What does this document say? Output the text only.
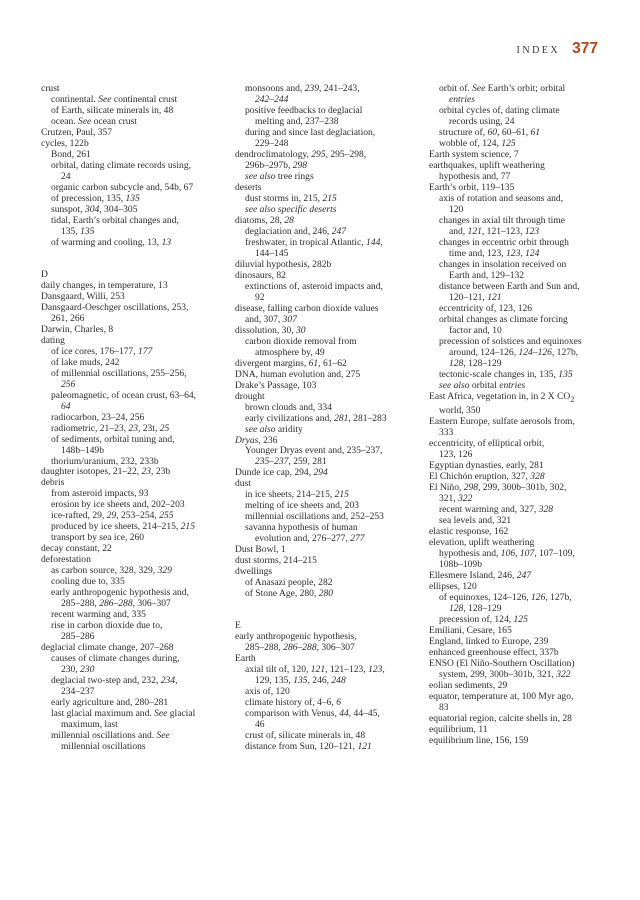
INDEX 377
crust
continental. See continental crust
of Earth, silicate minerals in, 48
ocean. See ocean crust
Crutzen, Paul, 357
cycles, 122b
Bond, 261
orbital, dating climate records using,
24
organic carbon subcycle and, 54b, 67
of precession, 135, 135
sunspot, 304, 304–305
tidal, Earth’s orbital changes and,
135, 135
of warming and cooling, 13, 13
D
daily changes, in temperature, 13
Dansgaard, Willi, 253
Dansgaard-Oeschger oscillations, 253,
261, 266
Darwin, Charles, 8
dating
of ice cores, 176–177, 177
of lake muds, 242
of millennial oscillations, 255–256,
256
paleomagnetic, of ocean crust, 63–64,
64
radiocarbon, 23–24, 256
radiometric, 21–23, 23, 23t, 25
of sediments, orbital tuning and,
148b–149b
thorium/uranium, 232, 233b
daughter isotopes, 21–22, 23, 23b
debris
from asteroid impacts, 93
erosion by ice sheets and, 202–203
ice-rafted, 29, 29, 253–254, 255
produced by ice sheets, 214–215, 215
transport by sea ice, 260
decay constant, 22
deforestation
as carbon source, 328, 329, 329
cooling due to, 335
early anthropogenic hypothesis and,
285–288, 286–288, 306–307
recent warming and, 335
rise in carbon dioxide due to,
285–286
deglacial climate change, 207–268
causes of climate changes during,
230, 230
deglacial two-step and, 232, 234,
234–237
early agriculture and, 280–281
last glacial maximum and. See glacial
maximum, last
millennial oscillations and. See
millennial oscillations
monsoons and, 239, 241–243,
242–244
positive feedbacks to deglacial
melting and, 237–238
during and since last deglaciation,
229–248
dendroclimatology, 295, 295–298,
296b–297b, 298
see also tree rings
deserts
dust storms in, 215, 215
see also specific deserts
diatoms, 28, 28
deglaciation and, 246, 247
freshwater, in tropical Atlantic, 144,
144–145
diluvial hypothesis, 282b
dinosaurs, 82
extinctions of, asteroid impacts and,
92
disease, falling carbon dioxide values
and, 307, 307
dissolution, 30, 30
carbon dioxide removal from
atmosphere by, 49
divergent margins, 61, 61–62
DNA, human evolution and, 275
Drake’s Passage, 103
drought
brown clouds and, 334
early civilizations and, 281, 281–283
see also aridity
Dryas, 236
Younger Dryas event and, 235–237,
235–237, 259, 281
Dunde ice cap, 294, 294
dust
in ice sheets, 214–215, 215
melting of ice sheets and, 203
millennial oscillations and, 252–253
savanna hypothesis of human
evolution and, 276–277, 277
Dust Bowl, 1
dust storms, 214–215
dwellings
of Anasazi people, 282
of Stone Age, 280, 280
E
early anthropogenic hypothesis,
285–288, 286–288, 306–307
Earth
axial tilt of, 120, 121, 121–123, 123,
129, 135, 135, 246, 248
axis of, 120
climate history of, 4–6, 6
comparison with Venus, 44, 44–45,
46
crust of, silicate minerals in, 48
distance from Sun, 120–121, 121
orbit of. See Earth’s orbit; orbital
entries
orbital cycles of, dating climate
records using, 24
structure of, 60, 60–61, 61
wobble of, 124, 125
Earth system science, 7
earthquakes, uplift weathering
hypothesis and, 77
Earth’s orbit, 119–135
axis of rotation and seasons and,
120
changes in axial tilt through time
and, 121, 121–123, 123
changes in eccentric orbit through
time and, 123, 123, 124
changes in insolation received on
Earth and, 129–132
distance between Earth and Sun and,
120–121, 121
eccentricity of, 123, 126
orbital changes as climate forcing
factor and, 10
precession of solstices and equinoxes
around, 124–126, 124–126, 127b,
128, 128–129
tectonic-scale changes in, 135, 135
see also orbital entries
East Africa, vegetation in, in 2 X $CO_2$
world, 350
Eastern Europe, sulfate aerosols from,
333
eccentricity, of elliptical orbit,
123, 126
Egyptian dynasties, early, 281
El Chichón eruption, 327, 328
El Niño, 298, 299, 300b–301b, 302,
321, 322
recent warming and, 327, 328
sea levels and, 321
elastic response, 162
elevation, uplift weathering
hypothesis and, 106, 107, 107–109,
108b–109b
Ellesmere Island, 246, 247
ellipses, 120
of equinoxes, 124–126, 126, 127b,
128, 128–129
precession of, 124, 125
Emiliani, Cesare, 165
England, linked to Europe, 239
enhanced greenhouse effect, 337b
ENSO (El Niño-Southern Oscillation)
system, 299, 300b–301b, 321, 322
eolian sediments, 29
equator, temperature at, 100 Myr ago,
83
equatorial region, calcite shells in, 28
equilibrium, 11
equilibrium line, 156, 159
